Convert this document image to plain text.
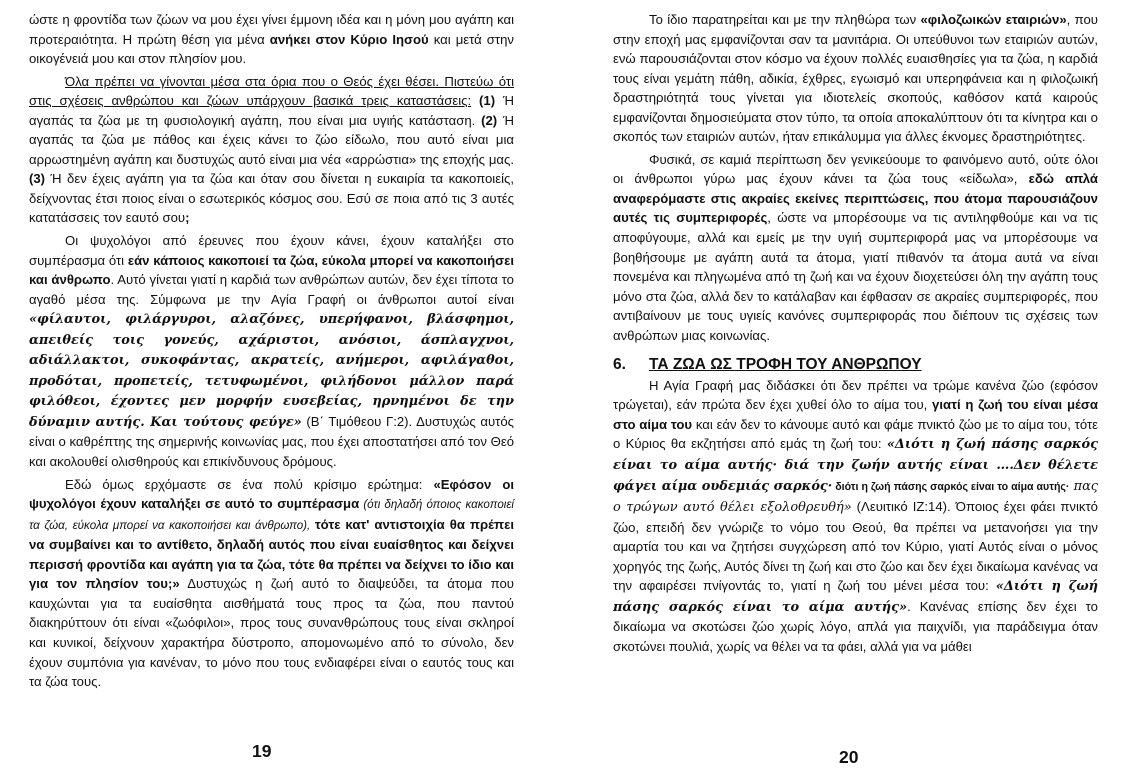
ώστε η φροντίδα των ζώων να μου έχει γίνει έμμονη ιδέα και η μόνη μου αγάπη και προτεραιότητα. Η πρώτη θέση για μένα ανήκει στον Κύριο Ιησού και μετά στην οικογένειά μου και στον πλησίον μου.

Όλα πρέπει να γίνονται μέσα στα όρια που ο Θεός έχει θέσει. Πιστεύω ότι στις σχέσεις ανθρώπου και ζώων υπάρχουν βασικά τρεις καταστάσεις: (1) Ή αγαπάς τα ζώα με τη φυσιολογική αγάπη, που είναι μια υγιής κατάσταση. (2) Ή αγαπάς τα ζώα με πάθος και έχεις κάνει το ζώο είδωλο, που αυτό είναι μια αρρωστημένη αγάπη και δυστυχώς αυτό είναι μια νέα «αρρώστια» της εποχής μας. (3) Ή δεν έχεις αγάπη για τα ζώα και όταν σου δίνεται η ευκαιρία τα κακοποιείς, δείχνοντας έτσι ποιος είναι ο εσωτερικός κόσμος σου. Εσύ σε ποια από τις 3 αυτές κατατάσσεις τον εαυτό σου;

Οι ψυχολόγοι από έρευνες που έχουν κάνει, έχουν καταλήξει στο συμπέρασμα ότι εάν κάποιος κακοποιεί τα ζώα, εύκολα μπορεί να κακοποιήσει και άνθρωπο. Αυτό γίνεται γιατί η καρδιά των ανθρώπων αυτών, δεν έχει τίποτα το αγαθό μέσα της. Σύμφωνα με την Αγία Γραφή οι άνθρωποι αυτοί είναι «φίλαυτοι, φιλάργυροι, αλαζόνες, υπερήφανοι, βλάσφημοι, απειθείς τοις γονεύς, αχάριστοι, ανόσιοι, άσπλαγχνοι, αδιάλλακτοι, συκοφάντας, ακρατείς, ανήμεροι, αφιλάγαθοι, προδόται, προπετείς, τετυφωμένοι, φιλήδονοι μάλλον παρά φιλόθεοι, έχοντες μεν μορφήν ευσεβείας, ηρνημένοι δε την δύναμιν αυτής. Και τούτους φεύγε» (Β΄ Τιμόθεου Γ:2). Δυστυχώς αυτός είναι ο καθρέπτης της σημερινής κοινωνίας μας, που έχει αποστατήσει από τον Θεό και ακολουθεί ολισθηρούς και επικίνδυνους δρόμους.

Εδώ όμως ερχόμαστε σε ένα πολύ κρίσιμο ερώτημα: «Εφόσον οι ψυχολόγοι έχουν καταλήξει σε αυτό το συμπέρασμα (ότι δηλαδή όποιος κακοποιεί τα ζώα, εύκολα μπορεί να κακοποιήσει και άνθρωπο), τότε κατ' αντιστοιχία θα πρέπει να συμβαίνει και το αντίθετο, δηλαδή αυτός που είναι ευαίσθητος και δείχνει περισσή φροντίδα και αγάπη για τα ζώα, τότε θα πρέπει να δείχνει το ίδιο και για τον πλησίον του;» Δυστυχώς η ζωή αυτό το διαψεύδει, τα άτομα που καυχώνται για τα ευαίσθητα αισθήματά τους προς τα ζώα, που παντού διακηρύττουν ότι είναι «ζωόφιλοι», προς τους συνανθρώπους τους είναι σκληροί και κυνικοί, δείχνουν χαρακτήρα δύστροπο, απομονωμένο από το σύνολο, δεν έχουν συμπόνια για κανέναν, το μόνο που τους ενδιαφέρει είναι ο εαυτός τους και τα ζώα τους.

19

Το ίδιο παρατηρείται και με την πληθώρα των «φιλοζωικών εταιριών», που στην εποχή μας εμφανίζονται σαν τα μανιτάρια. Οι υπεύθυνοι των εταιριών αυτών, ενώ παρουσιάζονται στον κόσμο να έχουν πολλές ευαισθησίες για τα ζώα, η καρδιά τους είναι γεμάτη πάθη, αδικία, έχθρες, εγωισμό και υπερηφάνεια και η φιλοζωική δραστηριότητά τους γίνεται για ιδιοτελείς σκοπούς, καθόσον κατά καιρούς εμφανίζονται δημοσιεύματα στον τύπο, τα οποία αποκαλύπτουν ότι τα κίνητρα και ο σκοπός των εταιριών αυτών, ήταν επικάλυμμα για άλλες έκνομες δραστηριότητες.

Φυσικά, σε καμιά περίπτωση δεν γενικεύουμε το φαινόμενο αυτό, ούτε όλοι οι άνθρωποι γύρω μας έχουν κάνει τα ζώα τους «είδωλα», εδώ απλά αναφερόμαστε στις ακραίες εκείνες περιπτώσεις, που άτομα παρουσιάζουν αυτές τις συμπεριφορές, ώστε να μπορέσουμε να τις αντιληφθούμε και να τις αποφύγουμε, αλλά και εμείς με την υγιή συμπεριφορά μας να μπορέσουμε να βοηθήσουμε με αγάπη αυτά τα άτομα, γιατί πιθανόν τα άτομα αυτά να είναι πονεμένα και πληγωμένα από τη ζωή και να έχουν διοχετεύσει όλη την αγάπη τους μόνο στα ζώα, αλλά δεν το κατάλαβαν και έφθασαν σε ακραίες συμπεριφορές, που αντιβαίνουν με τους υγιείς κανόνες συμπεριφοράς που διέπουν τις σχέσεις των ανθρώπων μιας κοινωνίας.

6.	ΤΑ ΖΩΑ ΩΣ ΤΡΟΦΗ ΤΟΥ ΑΝΘΡΩΠΟΥ

Η Αγία Γραφή μας διδάσκει ότι δεν πρέπει να τρώμε κανένα ζώο (εφόσον τρώγεται), εάν πρώτα δεν έχει χυθεί όλο το αίμα του, γιατί η ζωή του είναι μέσα στο αίμα του και εάν δεν το κάνουμε αυτό και φάμε πνικτό ζώο με το αίμα του, τότε ο Κύριος θα εκζητήσει από εμάς τη ζωή του: «Διότι η ζωή πάσης σαρκός είναι το αίμα αυτής· διά την ζωήν αυτής είναι ….Δεν θέλετε φάγει αίμα ουδεμιάς σαρκός· διότι η ζωή πάσης σαρκός είναι το αίμα αυτής· πας ο τρώγων αυτό θέλει εξολοθρευθή» (Λευιτικό ΙΖ:14). Όποιος έχει φάει πνικτό ζώο, επειδή δεν γνώριζε το νόμο του Θεού, θα πρέπει να μετανοήσει για την αμαρτία του και να ζητήσει συγχώρεση από τον Κύριο, γιατί Αυτός είναι ο μόνος χορηγός της ζωής, Αυτός δίνει τη ζωή και στο ζώο και δεν έχει δικαίωμα κανένας να την αφαιρέσει πνίγοντάς το, γιατί η ζωή του μένει μέσα του: «Διότι η ζωή πάσης σαρκός είναι το αίμα αυτής». Κανένας επίσης δεν έχει το δικαίωμα να σκοτώσει ζώο χωρίς λόγο, απλά για παιχνίδι, για παράδειγμα όταν σκοτώνει πουλιά, χωρίς να θέλει να τα φάει, αλλά για να μάθει

20
